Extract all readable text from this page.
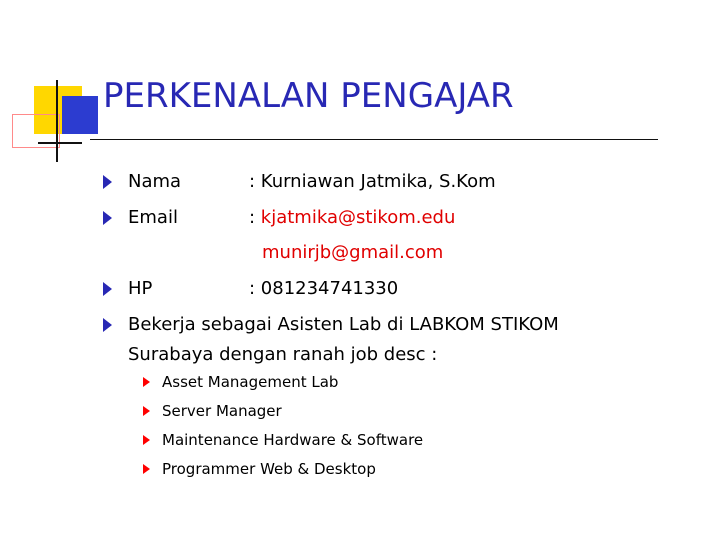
PERKENALAN PENGAJAR
Nama	: Kurniawan Jatmika, S.Kom
Email	: kjatmika@stikom.edu
munirjb@gmail.com
HP	: 081234741330
Bekerja sebagai Asisten Lab di LABKOM STIKOM
Surabaya dengan ranah job desc :
Asset Management Lab
Server Manager
Maintenance Hardware & Software
Programmer Web & Desktop
